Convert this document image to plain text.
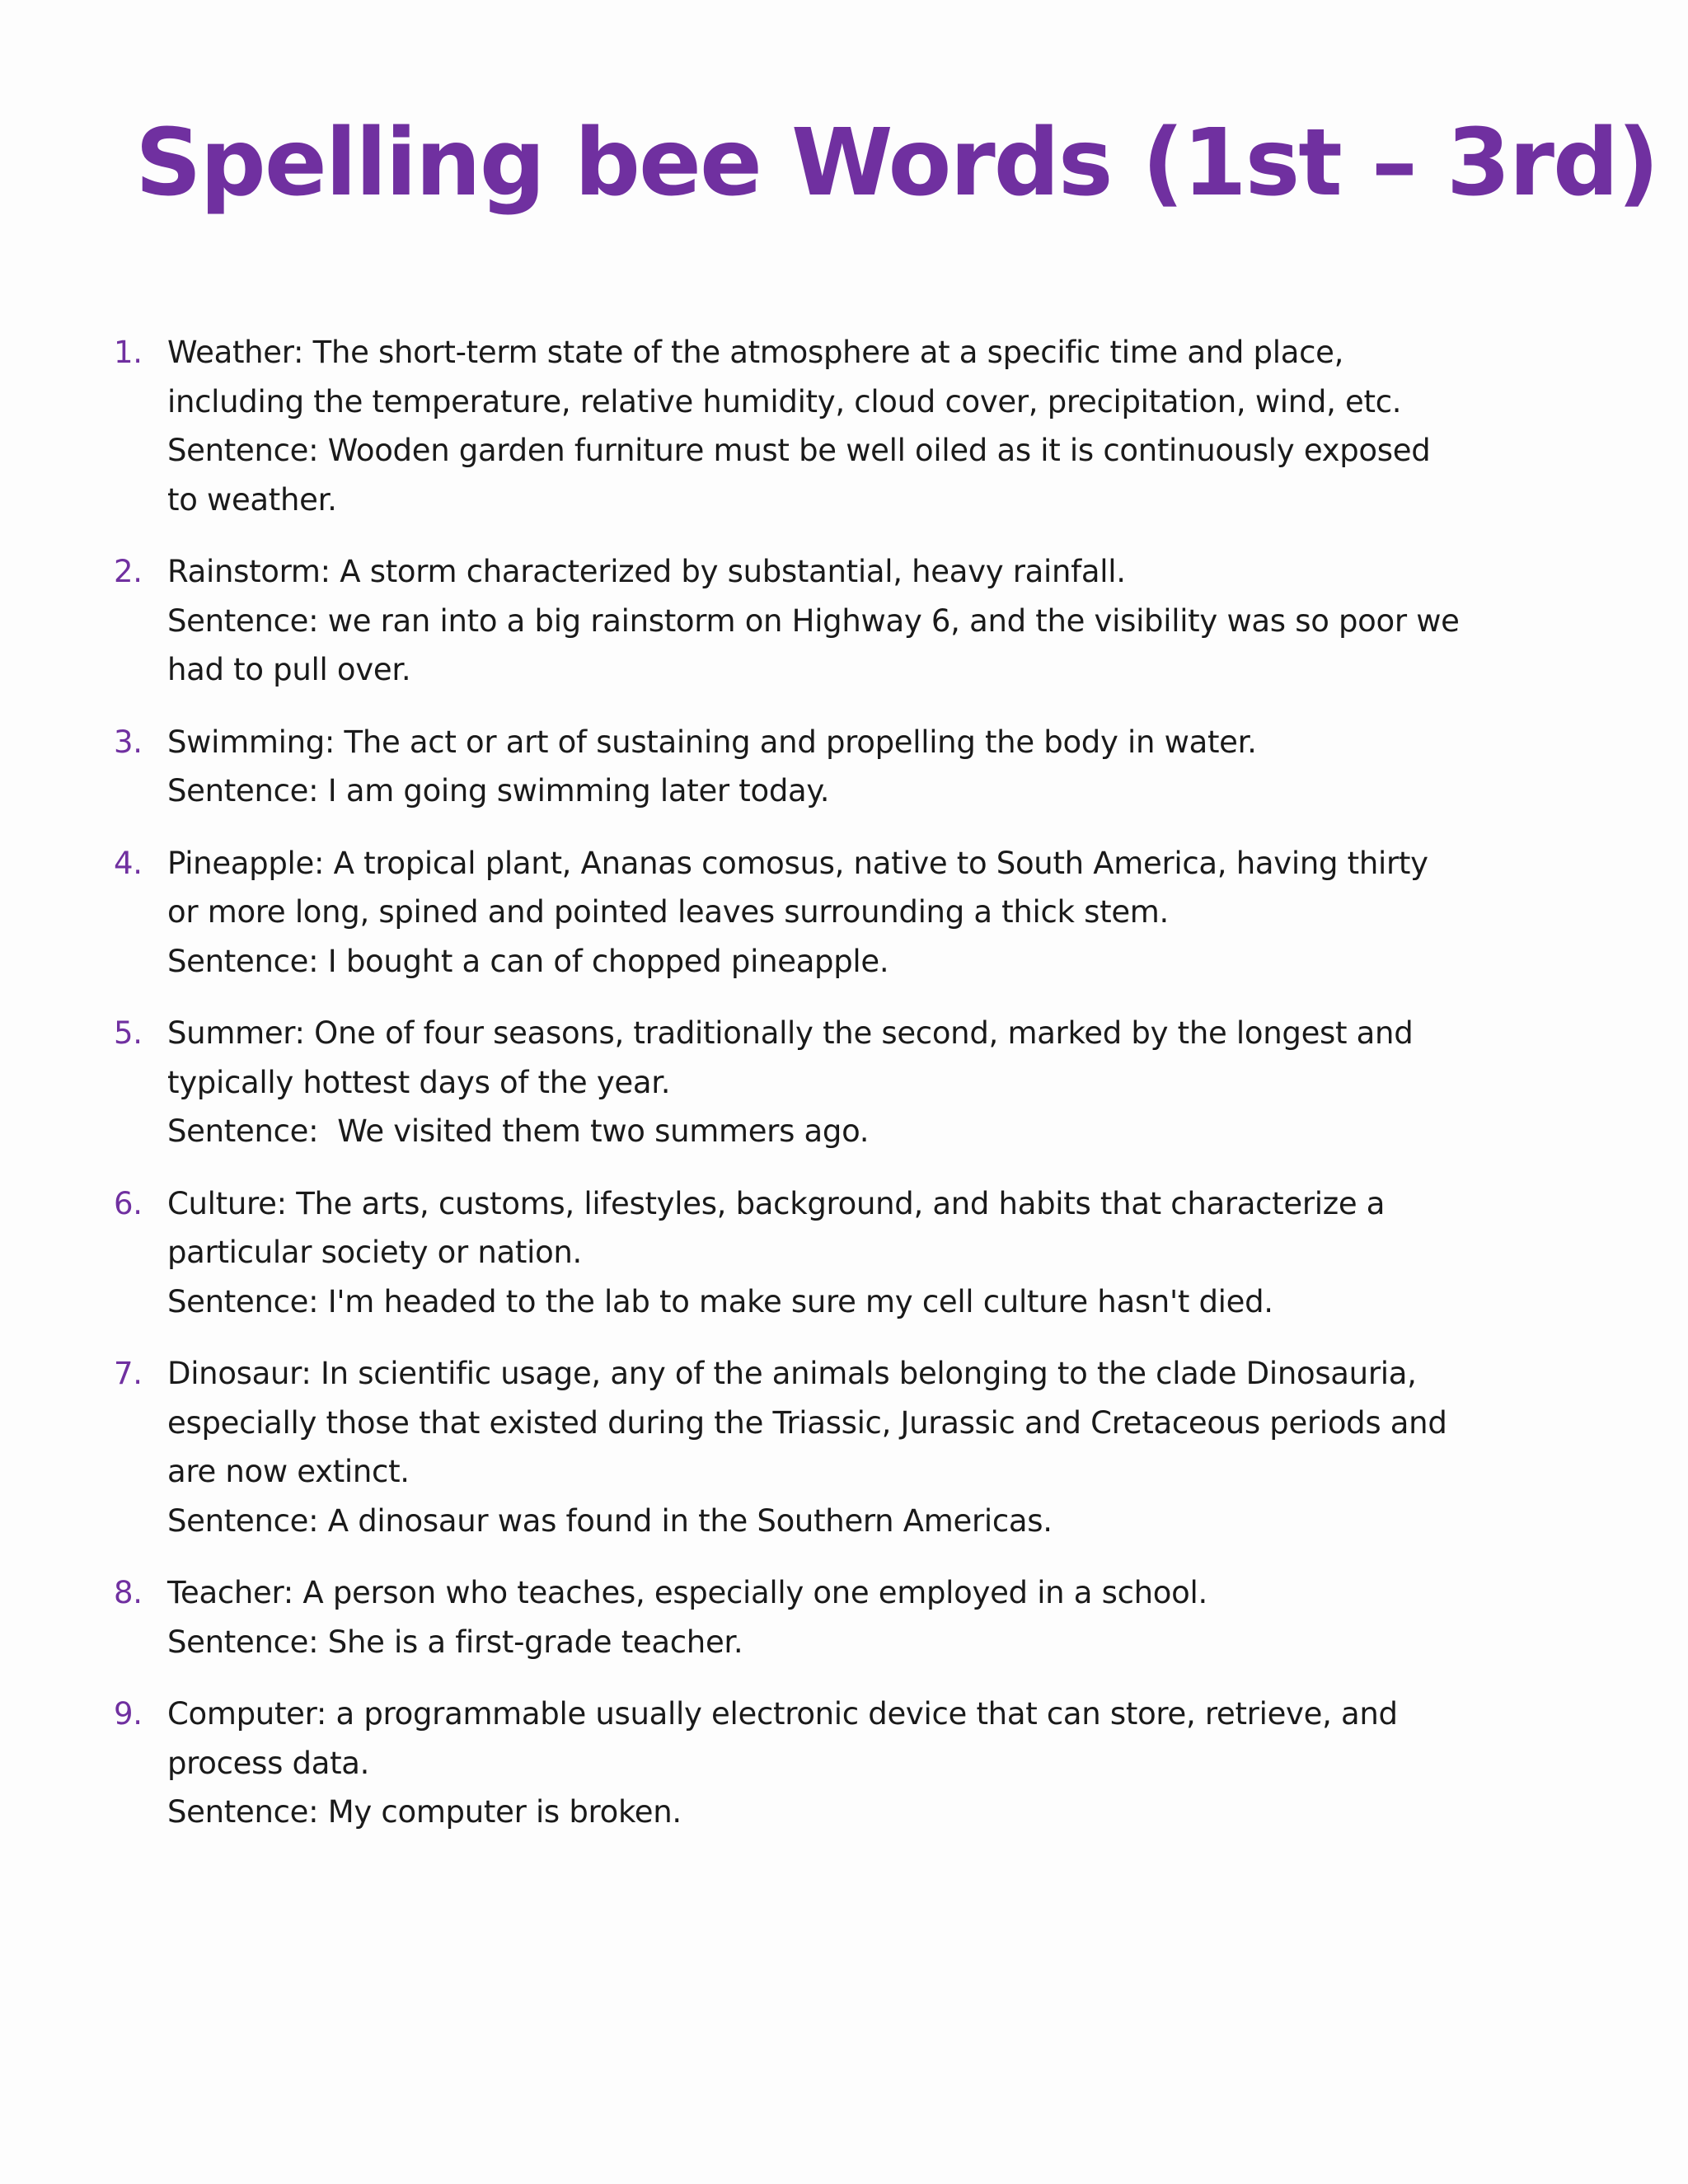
Spelling bee Words (1st – 3rd)
1. Weather: The short-term state of the atmosphere at a specific time and place, including the temperature, relative humidity, cloud cover, precipitation, wind, etc.
Sentence: Wooden garden furniture must be well oiled as it is continuously exposed to weather.
2. Rainstorm: A storm characterized by substantial, heavy rainfall.
Sentence: we ran into a big rainstorm on Highway 6, and the visibility was so poor we had to pull over.
3. Swimming: The act or art of sustaining and propelling the body in water.
Sentence: I am going swimming later today.
4. Pineapple: A tropical plant, Ananas comosus, native to South America, having thirty or more long, spined and pointed leaves surrounding a thick stem.
Sentence: I bought a can of chopped pineapple.
5. Summer: One of four seasons, traditionally the second, marked by the longest and typically hottest days of the year.
Sentence:  We visited them two summers ago.
6. Culture: The arts, customs, lifestyles, background, and habits that characterize a particular society or nation.
Sentence: I'm headed to the lab to make sure my cell culture hasn't died.
7. Dinosaur: In scientific usage, any of the animals belonging to the clade Dinosauria, especially those that existed during the Triassic, Jurassic and Cretaceous periods and are now extinct.
Sentence: A dinosaur was found in the Southern Americas.
8. Teacher: A person who teaches, especially one employed in a school.
Sentence: She is a first-grade teacher.
9. Computer: a programmable usually electronic device that can store, retrieve, and process data.
Sentence: My computer is broken.
